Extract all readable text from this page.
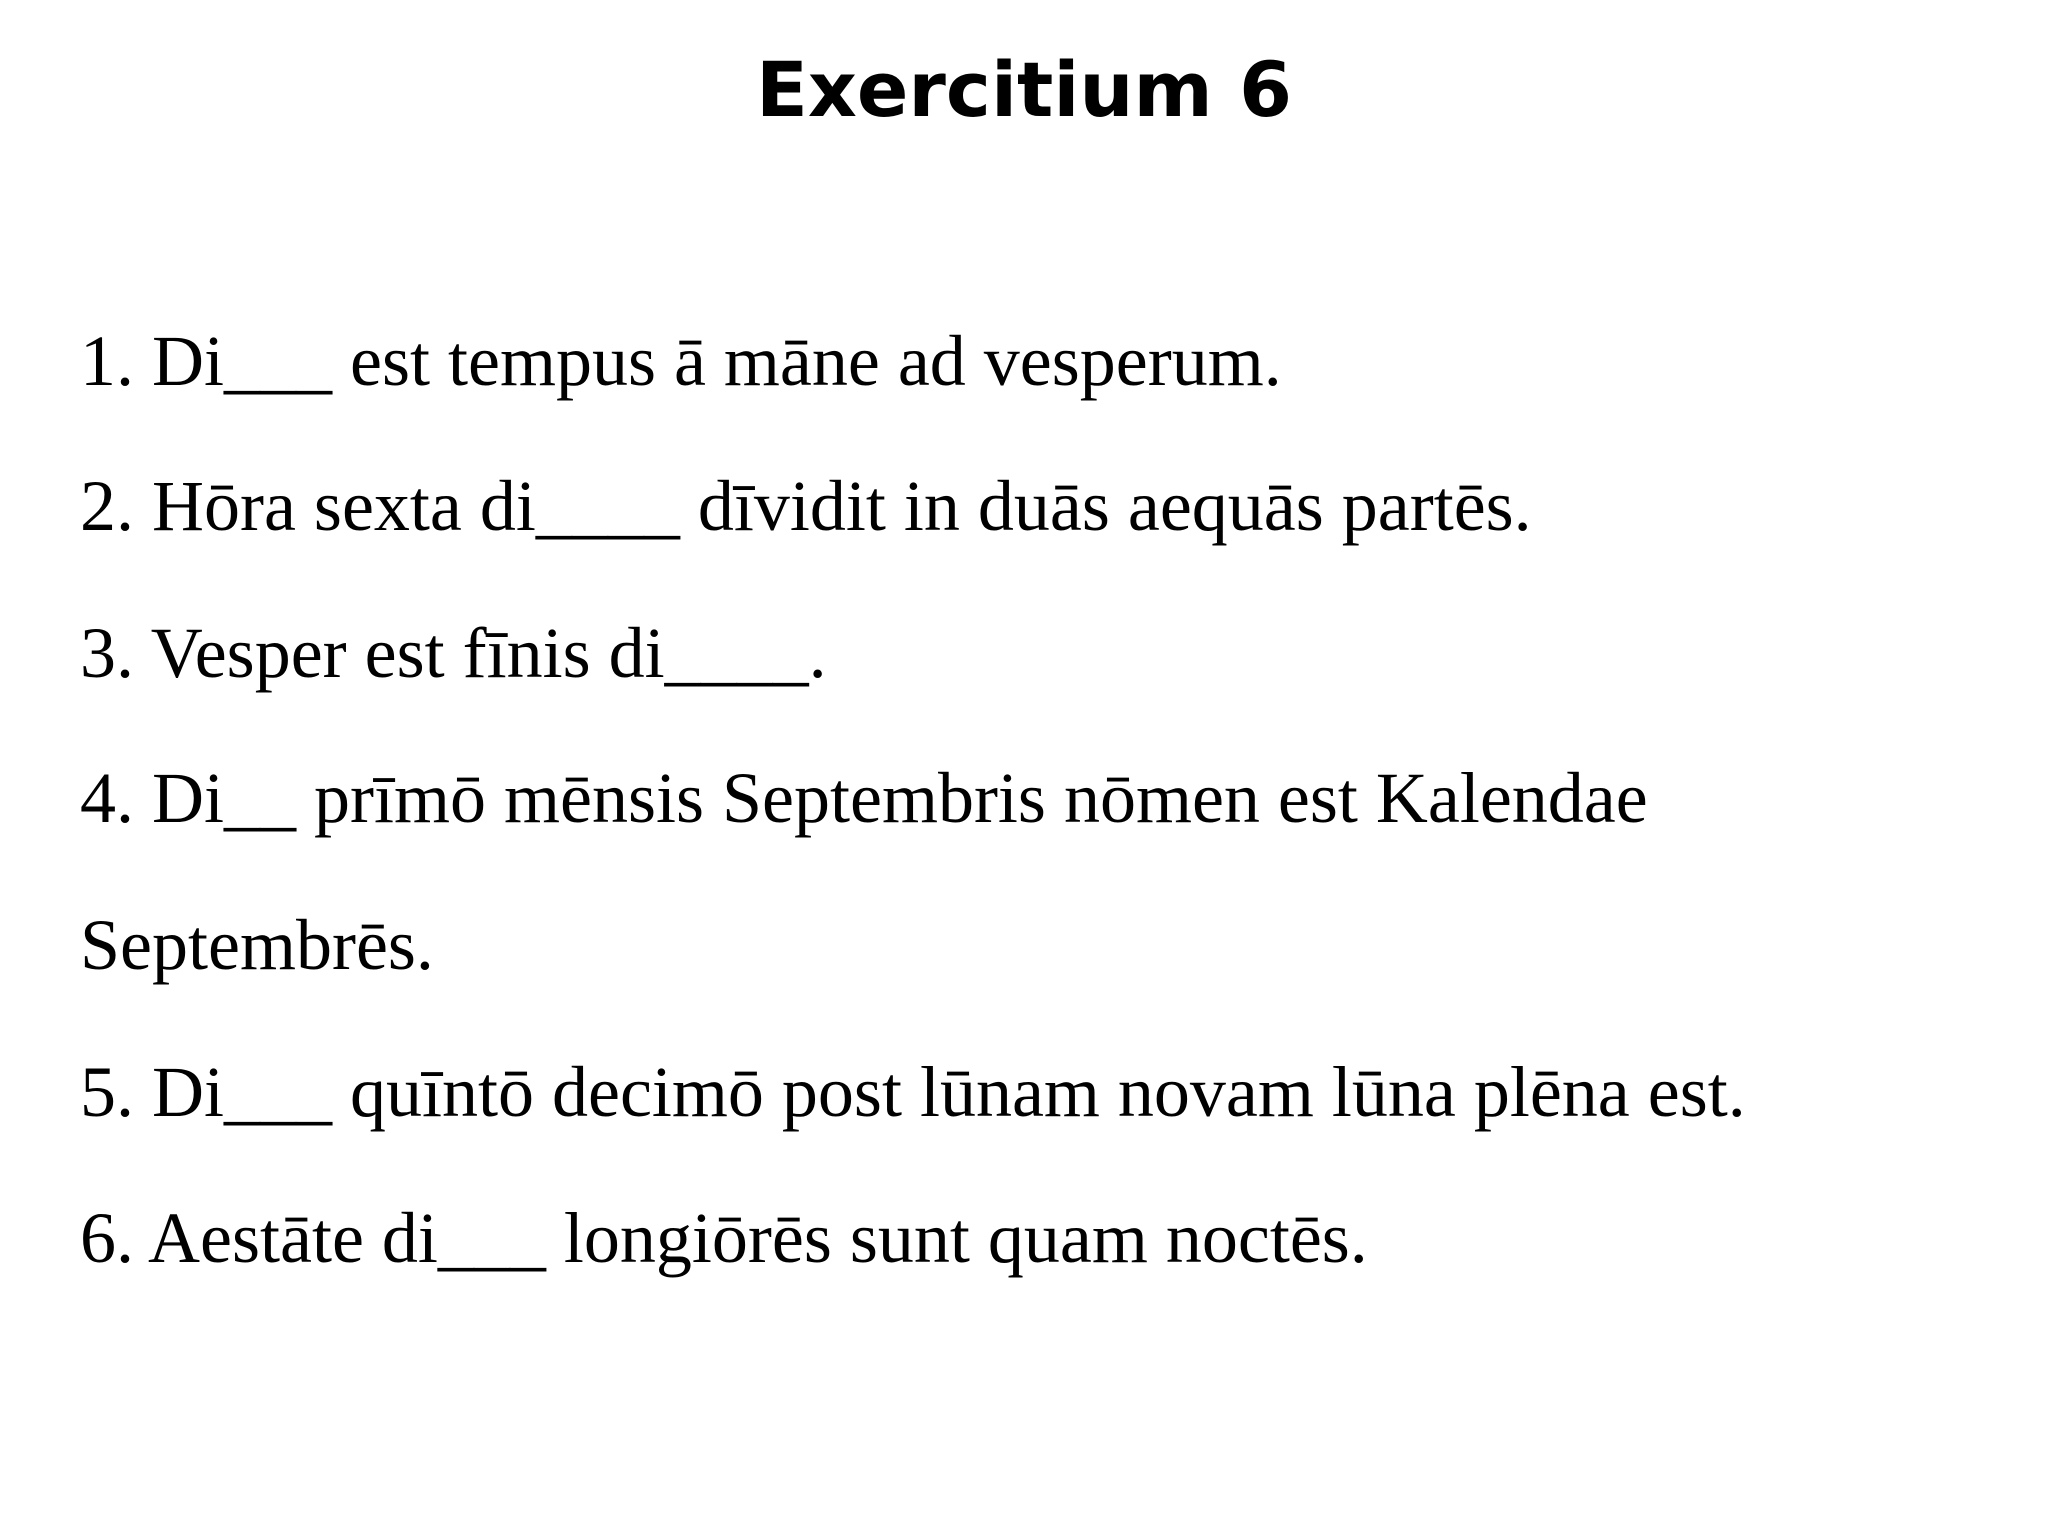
Exercitium 6
1. Di___ est tempus ā māne ad vesperum.
2. Hōra sexta di____ dīvidit in duās aequās partēs.
3. Vesper est fīnis di____.
4. Di__ prīmō mēnsis Septembris nōmen est Kalendae
Septembrēs.
5. Di___ quīntō decimō post lūnam novam lūna plēna est.
6. Aestāte di___ longiōrēs sunt quam noctēs.
